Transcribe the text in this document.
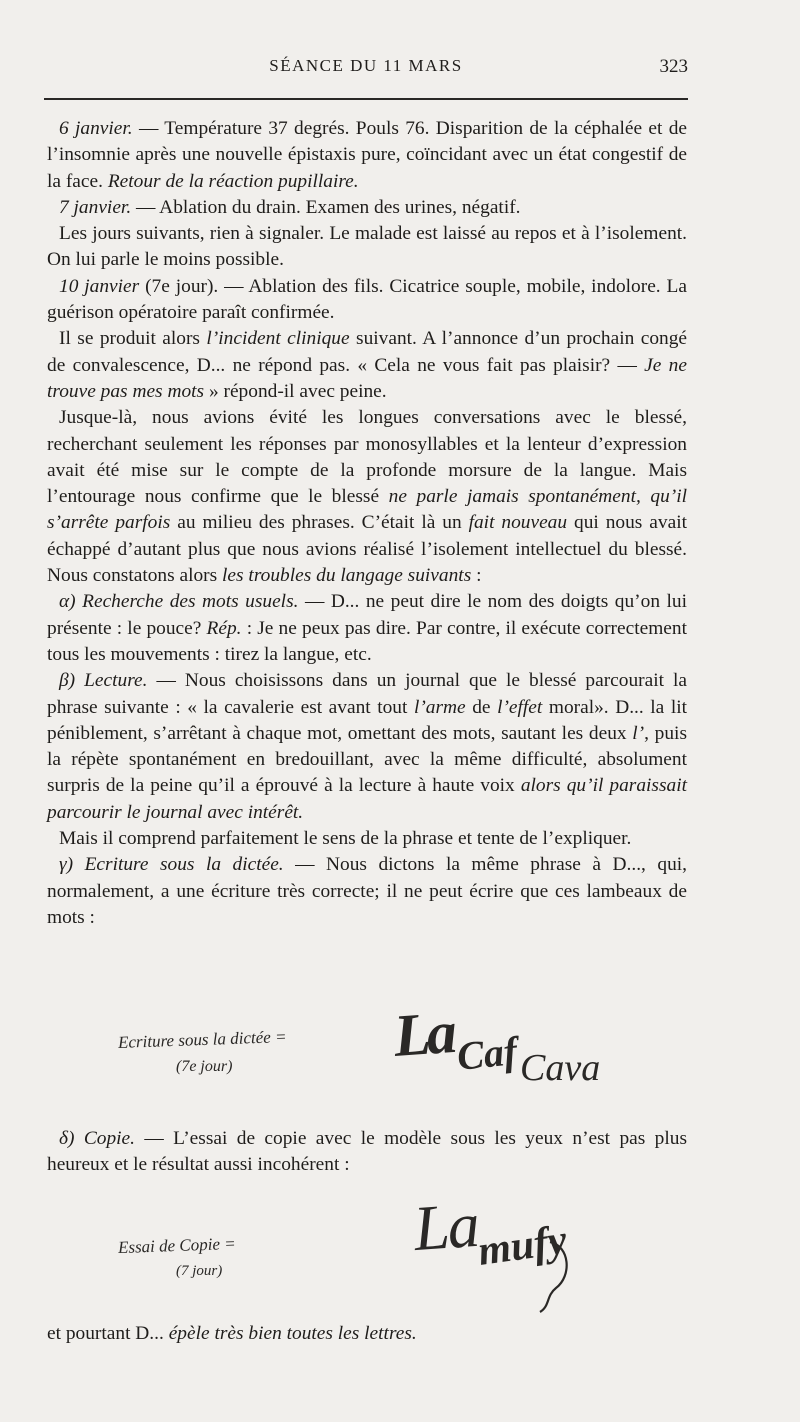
SÉANCE DU 11 MARS	323

6 janvier. — Température 37 degrés. Pouls 76. Disparition de la céphalée et de l’insomnie après une nouvelle épistaxis pure, coïncidant avec un état congestif de la face. Retour de la réaction pupillaire.

7 janvier. — Ablation du drain. Examen des urines, négatif.

Les jours suivants, rien à signaler. Le malade est laissé au repos et à l’isolement. On lui parle le moins possible.

10 janvier (7e jour). — Ablation des fils. Cicatrice souple, mobile, indolore. La guérison opératoire paraît confirmée.

Il se produit alors l’incident clinique suivant. A l’annonce d’un prochain congé de convalescence, D... ne répond pas. « Cela ne vous fait pas plaisir? — Je ne trouve pas mes mots » répond-il avec peine.

Jusque-là, nous avions évité les longues conversations avec le blessé, recherchant seulement les réponses par monosyllables et la lenteur d’expression avait été mise sur le compte de la profonde morsure de la langue. Mais l’entourage nous confirme que le blessé ne parle jamais spontanément, qu’il s’arrête parfois au milieu des phrases. C’était là un fait nouveau qui nous avait échappé d’autant plus que nous avions réalisé l’isolement intellectuel du blessé. Nous constatons alors les troubles du langage suivants :

α) Recherche des mots usuels. — D... ne peut dire le nom des doigts qu’on lui présente : le pouce? Rép. : Je ne peux pas dire. Par contre, il exécute correctement tous les mouvements : tirez la langue, etc.

β) Lecture. — Nous choisissons dans un journal que le blessé parcourait la phrase suivante : « la cavalerie est avant tout l’arme de l’effet moral». D... la lit péniblement, s’arrêtant à chaque mot, omettant des mots, sautant les deux l’, puis la répète spontanément en bredouillant, avec la même difficulté, absolument surpris de la peine qu’il a éprouvé à la lecture à haute voix alors qu’il paraissait parcourir le journal avec intérêt.

Mais il comprend parfaitement le sens de la phrase et tente de l’expliquer.

γ) Ecriture sous la dictée. — Nous dictons la même phrase à D..., qui, normalement, a une écriture très correcte; il ne peut écrire que ces lambeaux de mots :

Ecriture sous la dictée =
(7e jour)	La Caf Cava

δ) Copie. — L’essai de copie avec le modèle sous les yeux n’est pas plus heureux et le résultat aussi incohérent :

Essai de Copie =
(7 jour)
La
mufy
et pourtant D... épèle très bien toutes les lettres.
